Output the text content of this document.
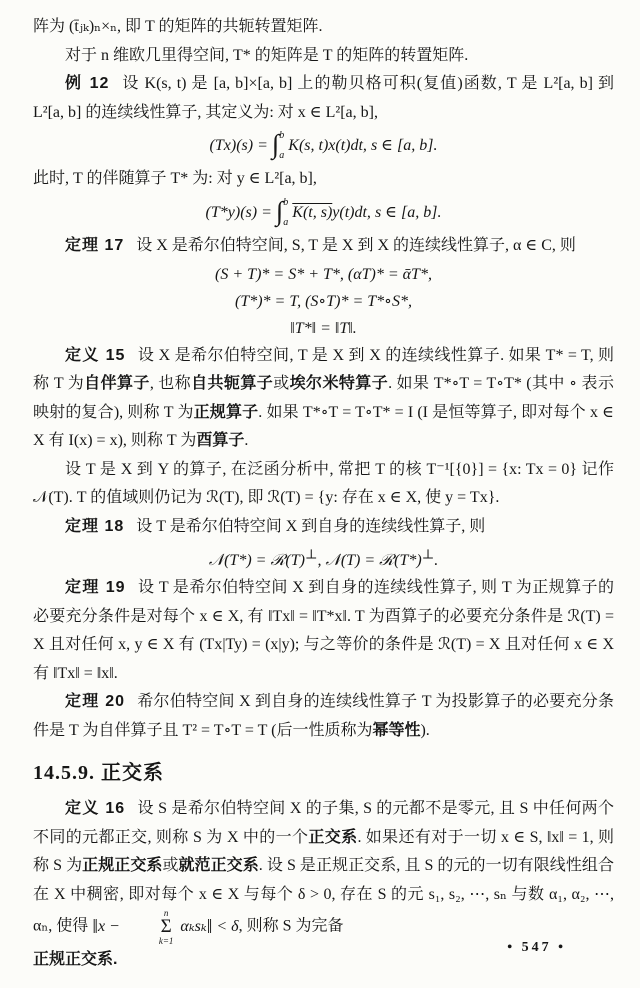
阵为 (t̄ⱼₖ)ₙ×ₙ, 即 T 的矩阵的共轭转置矩阵.

对于 n 维欧几里得空间, T* 的矩阵是 T 的矩阵的转置矩阵.

例 12 设 K(s, t) 是 [a, b]×[a, b] 上的勒贝格可积(复值)函数, T 是 L²[a, b] 到 L²[a, b] 的连续线性算子, 其定义为: 对 x ∈ L²[a, b],

(Tx)(s) = ∫ b
a
K(s, t)x(t)dt, s ∈ [a, b].

此时, T 的伴随算子 T* 为: 对 y ∈ L²[a, b],

(T*y)(s) = ∫ b
a
K(t, s)y(t)dt, s ∈ [a, b].

定理 17 设 X 是希尔伯特空间, S, T 是 X 到 X 的连续线性算子, α ∈ C, 则

(S + T)* = S* + T*, (αT)* = ᾱT*,

(T*)* = T, (S∘T)* = T*∘S*,

‖T*‖ = ‖T‖.

定义 15 设 X 是希尔伯特空间, T 是 X 到 X 的连续线性算子. 如果 T* = T, 则称 T 为自伴算子, 也称自共轭算子或埃尔米特算子. 如果 T*∘T = T∘T* (其中 ∘ 表示映射的复合), 则称 T 为正规算子. 如果 T*∘T = T∘T* = I (I 是恒等算子, 即对每个 x ∈ X 有 I(x) = x), 则称 T 为酉算子.

设 T 是 X 到 Y 的算子, 在泛函分析中, 常把 T 的核 T⁻¹[{0}] = {x: Tx = 0} 记作 𝒩(T). T 的值域则仍记为 ℛ(T), 即 ℛ(T) = {y: 存在 x ∈ X, 使 y = Tx}.

定理 18 设 T 是希尔伯特空间 X 到自身的连续线性算子, 则

𝒩(T*) = ℛ(T)⊥, 𝒩(T) = ℛ(T*)⊥.

定理 19 设 T 是希尔伯特空间 X 到自身的连续线性算子, 则 T 为正规算子的必要充分条件是对每个 x ∈ X, 有 ‖Tx‖ = ‖T*x‖. T 为酉算子的必要充分条件是 ℛ(T) = X 且对任何 x, y ∈ X 有 (Tx|Ty) = (x|y); 与之等价的条件是 ℛ(T) = X 且对任何 x ∈ X 有 ‖Tx‖ = ‖x‖.

定理 20 希尔伯特空间 X 到自身的连续线性算子 T 为投影算子的必要充分条件是 T 为自伴算子且 T² = T∘T = T (后一性质称为幂等性).

14.5.9. 正交系

定义 16 设 S 是希尔伯特空间 X 的子集, S 的元都不是零元, 且 S 中任何两个不同的元都正交, 则称 S 为 X 中的一个正交系. 如果还有对于一切 x ∈ S, ‖x‖ = 1, 则称 S 为正规正交系或就范正交系. 设 S 是正规正交系, 且 S 的元的一切有限线性组合在 X 中稠密, 即对每个 x ∈ X 与每个 δ > 0, 存在 S 的元 s₁, s₂, ⋯, sₙ 与数 α₁, α₂, ⋯, αₙ, 使得 ‖x −
n
Σ
k=1
αₖsₖ‖ < δ, 则称 S 为完备

正规正交系.

• 547 •
